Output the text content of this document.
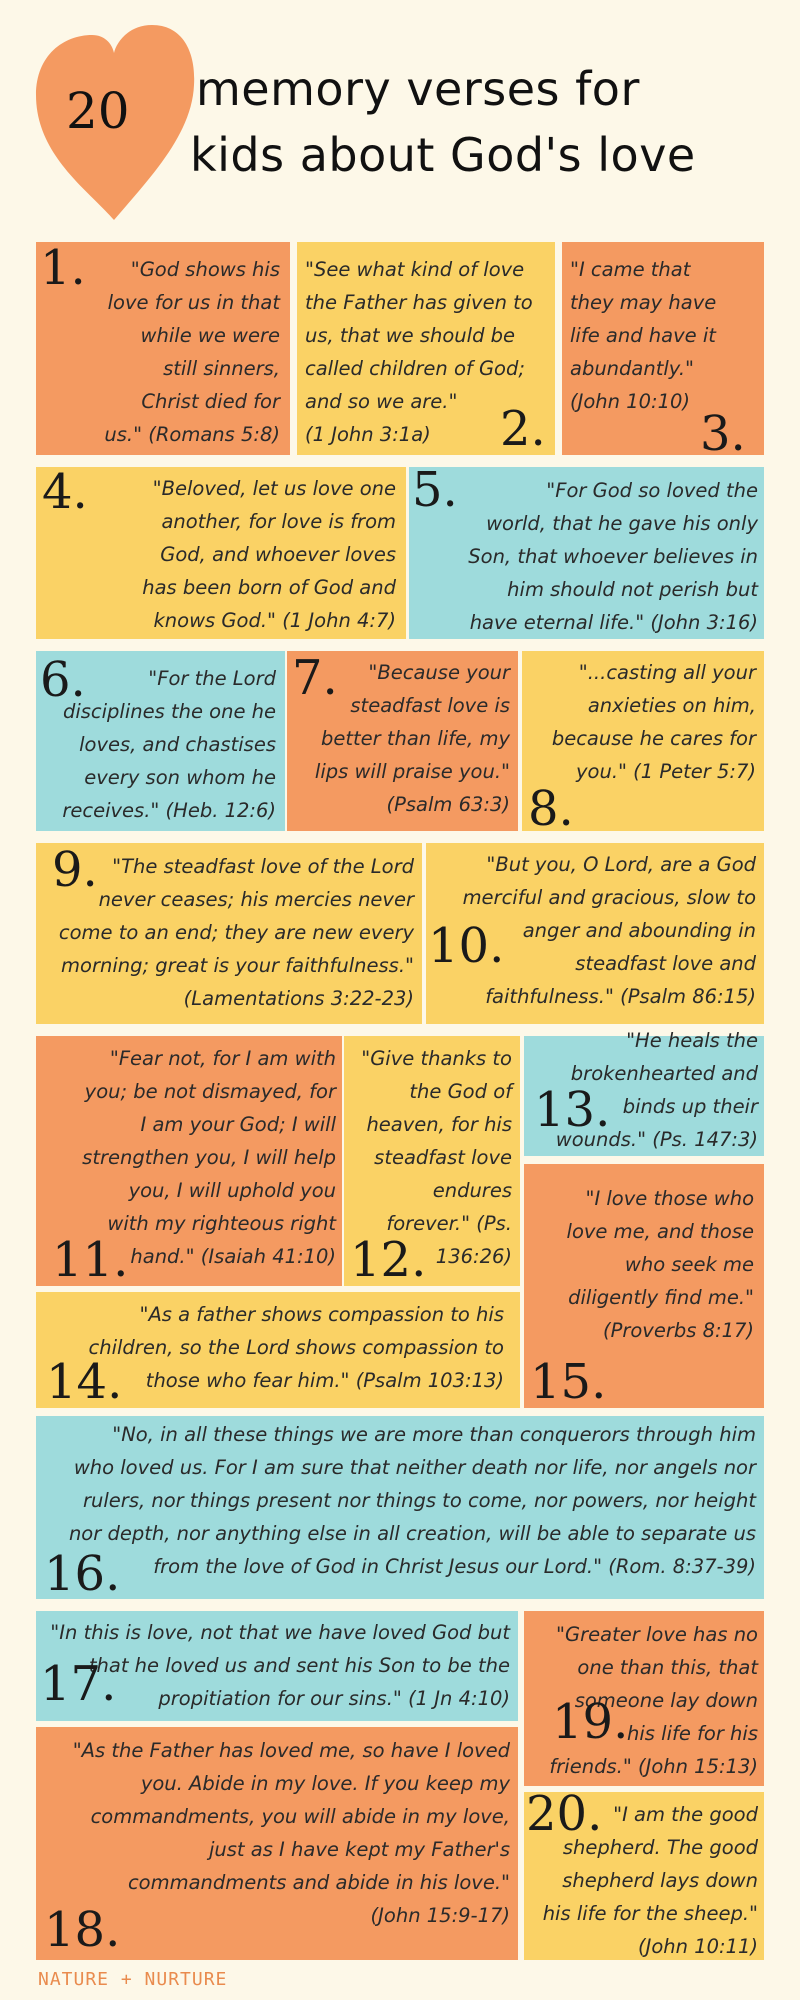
20 memory verses for
kids about God's love
1.	"God shows his
love for us in that
while we were
still sinners,
Christ died for
us." (Romans 5:8)
"See what kind of love
the Father has given to
us, that we should be
called children of God;
and so we are."
(1 John 3:1a)	2.
"I came that
they may have
life and have it
abundantly."
(John 10:10)
3.
4.	"Beloved, let us love one
another, for love is from
God, and whoever loves
has been born of God and
knows God." (1 John 4:7)
5.	"For God so loved the
world, that he gave his only
Son, that whoever believes in
him should not perish but
have eternal life." (John 3:16)
6.	"For the Lord
disciplines the one he
loves, and chastises
every son whom he
receives." (Heb. 12:6)
7.	"Because your
steadfast love is
better than life, my
lips will praise you."
(Psalm 63:3)
"...casting all your
anxieties on him,
because he cares for
you." (1 Peter 5:7)
8.
9. "The steadfast love of the Lord
never ceases; his mercies never
come to an end; they are new every
morning; great is your faithfulness."
(Lamentations 3:22-23)
10.
"But you, O Lord, are a God
merciful and gracious, slow to
anger and abounding in
steadfast love and
faithfulness." (Psalm 86:15)
"Fear not, for I am with
you; be not dismayed, for
I am your God; I will
strengthen you, I will help
you, I will uphold you
with my righteous right
hand." (Isaiah 41:10)
11.
"Give thanks to
the God of
heaven, for his
steadfast love
endures
forever." (Ps.
136:26)
12.
"He heals the
brokenhearted and
binds up their
wounds." (Ps. 147:3)
13.
"I love those who
love me, and those
who seek me
diligently find me."
(Proverbs 8:17)
15.
"As a father shows compassion to his
children, so the Lord shows compassion to
those who fear him." (Psalm 103:13)
14.
"No, in all these things we are more than conquerors through him
who loved us. For I am sure that neither death nor life, nor angels nor
rulers, nor things present nor things to come, nor powers, nor height
nor depth, nor anything else in all creation, will be able to separate us
from the love of God in Christ Jesus our Lord." (Rom. 8:37-39)
16.
"In this is love, not that we have loved God but
that he loved us and sent his Son to be the
propitiation for our sins." (1 Jn 4:10)
17.
"Greater love has no
one than this, that
someone lay down
his life for his
friends." (John 15:13)
19.
"As the Father has loved me, so have I loved
you. Abide in my love. If you keep my
commandments, you will abide in my love,
just as I have kept my Father's
commandments and abide in his love."
(John 15:9-17)
18.
20. "I am the good
shepherd. The good
shepherd lays down
his life for the sheep."
(John 10:11)
NATURE + NURTURE
